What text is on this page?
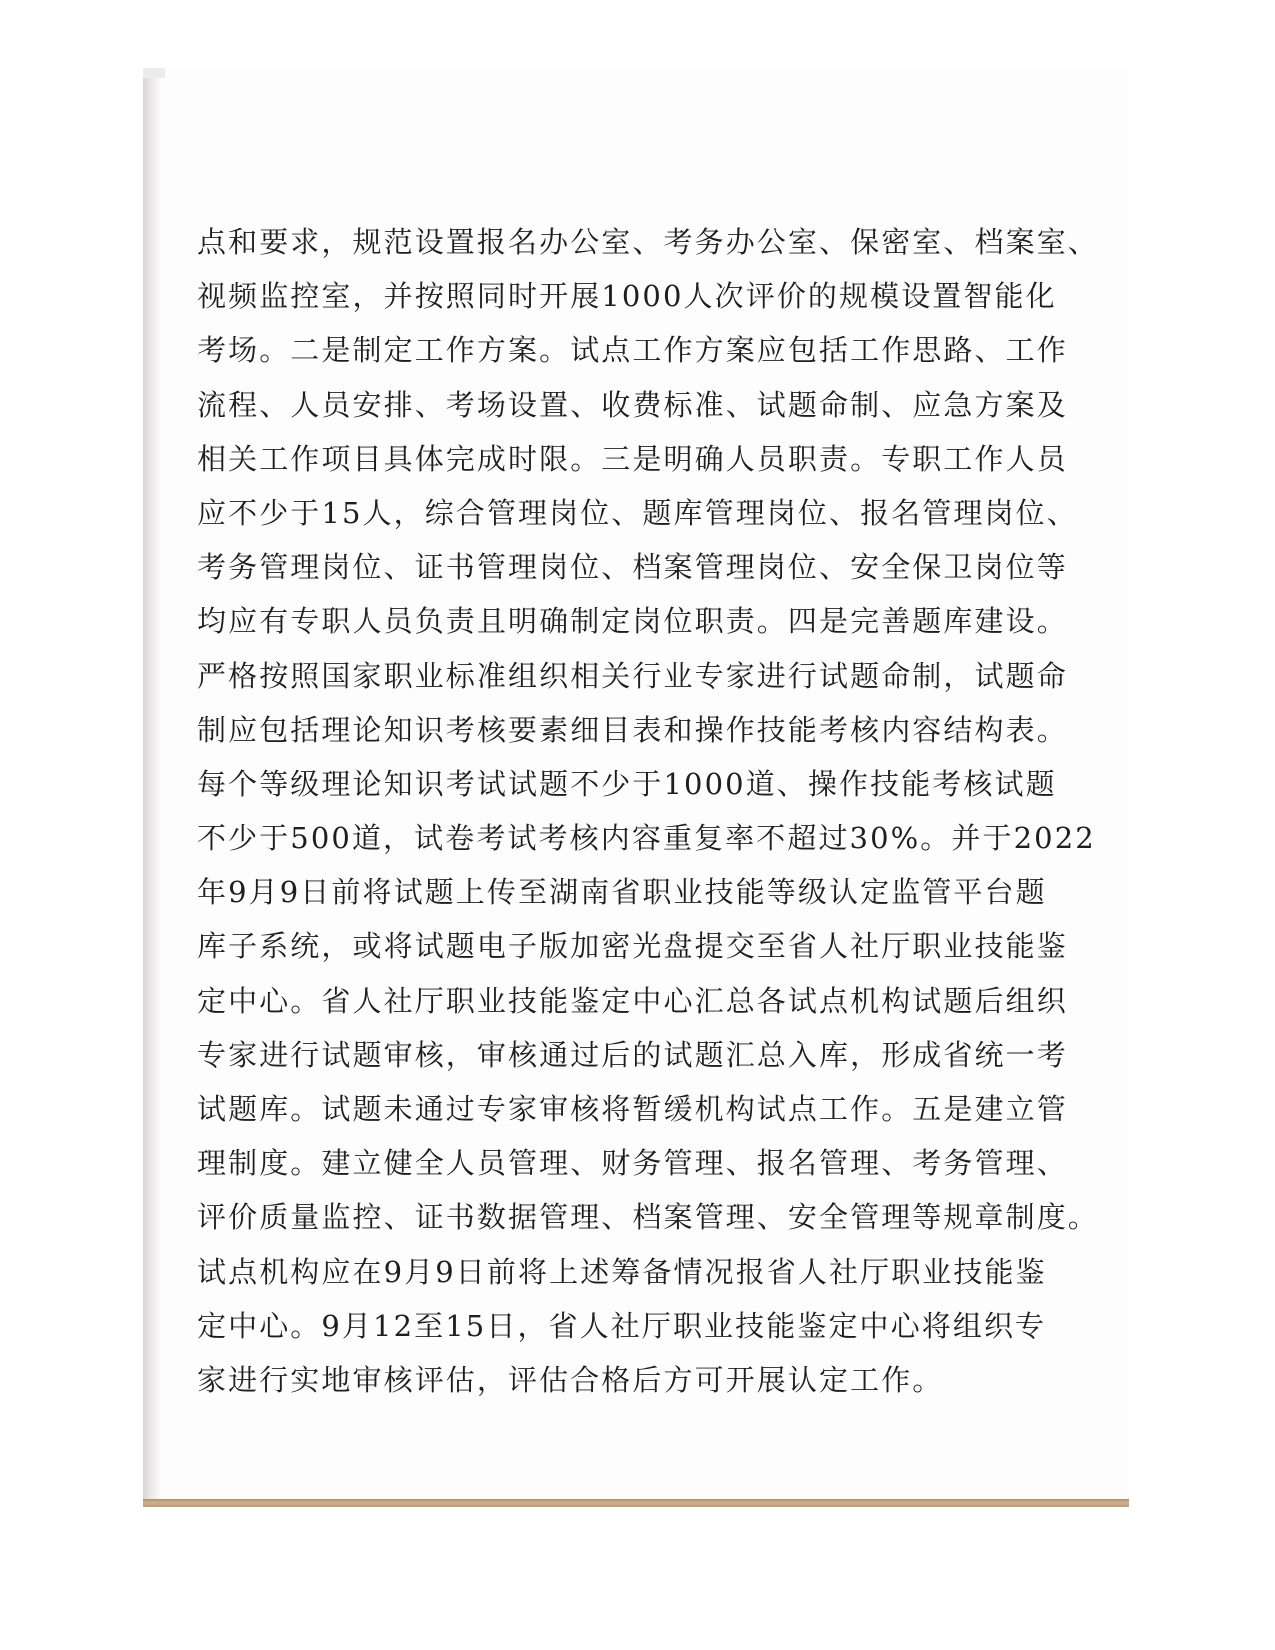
点和要求，规范设置报名办公室、考务办公室、保密室、档案室、
视频监控室，并按照同时开展1000人次评价的规模设置智能化
考场。二是制定工作方案。试点工作方案应包括工作思路、工作
流程、人员安排、考场设置、收费标准、试题命制、应急方案及
相关工作项目具体完成时限。三是明确人员职责。专职工作人员
应不少于15人，综合管理岗位、题库管理岗位、报名管理岗位、
考务管理岗位、证书管理岗位、档案管理岗位、安全保卫岗位等
均应有专职人员负责且明确制定岗位职责。四是完善题库建设。
严格按照国家职业标准组织相关行业专家进行试题命制，试题命
制应包括理论知识考核要素细目表和操作技能考核内容结构表。
每个等级理论知识考试试题不少于1000道、操作技能考核试题
不少于500道，试卷考试考核内容重复率不超过30%。并于2022
年9月9日前将试题上传至湖南省职业技能等级认定监管平台题
库子系统，或将试题电子版加密光盘提交至省人社厅职业技能鉴
定中心。省人社厅职业技能鉴定中心汇总各试点机构试题后组织
专家进行试题审核，审核通过后的试题汇总入库，形成省统一考
试题库。试题未通过专家审核将暂缓机构试点工作。五是建立管
理制度。建立健全人员管理、财务管理、报名管理、考务管理、
评价质量监控、证书数据管理、档案管理、安全管理等规章制度。
试点机构应在9月9日前将上述筹备情况报省人社厅职业技能鉴
定中心。9月12至15日，省人社厅职业技能鉴定中心将组织专
家进行实地审核评估，评估合格后方可开展认定工作。
